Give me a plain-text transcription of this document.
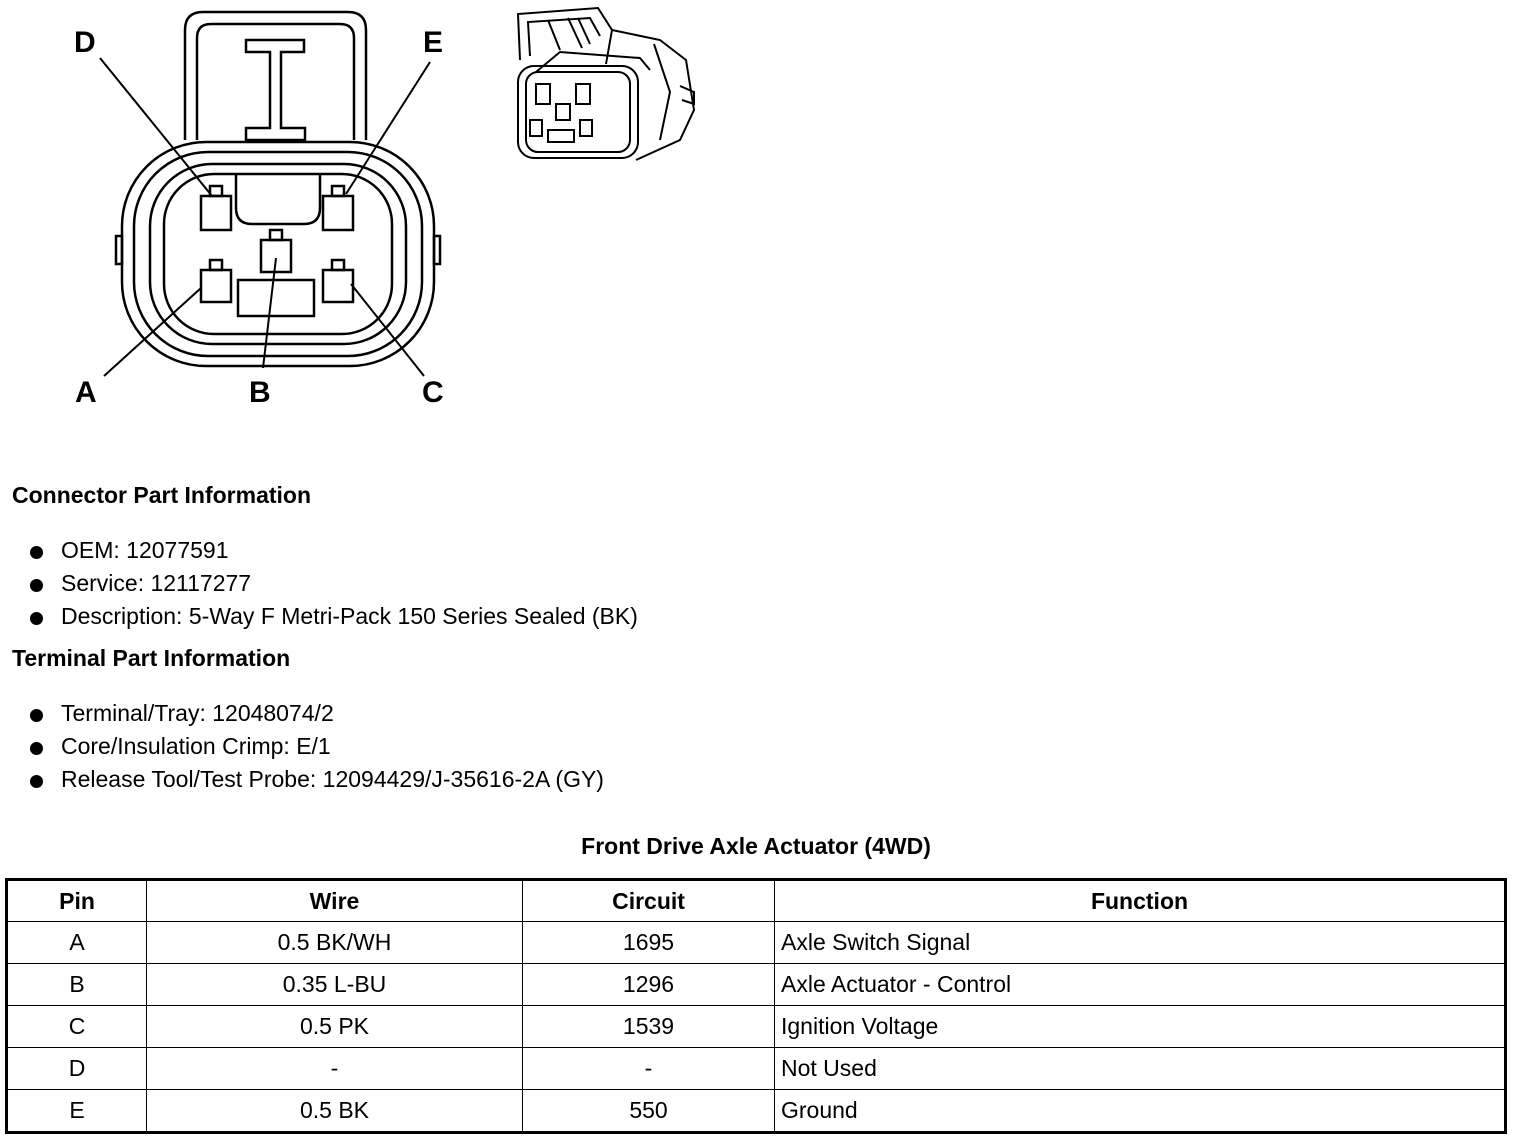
D	E
A	B	C
Connector Part Information
OEM: 12077591
Service: 12117277
Description: 5-Way F Metri-Pack 150 Series Sealed (BK)
Terminal Part Information
Terminal/Tray: 12048074/2
Core/Insulation Crimp: E/1
Release Tool/Test Probe: 12094429/J-35616-2A (GY)
Front Drive Axle Actuator (4WD)
Pin	Wire	Circuit	Function
A	0.5 BK/WH	1695	Axle Switch Signal
B	0.35 L-BU	1296	Axle Actuator - Control
C	0.5 PK	1539	Ignition Voltage
D	-	-	Not Used
E	0.5 BK	550	Ground
